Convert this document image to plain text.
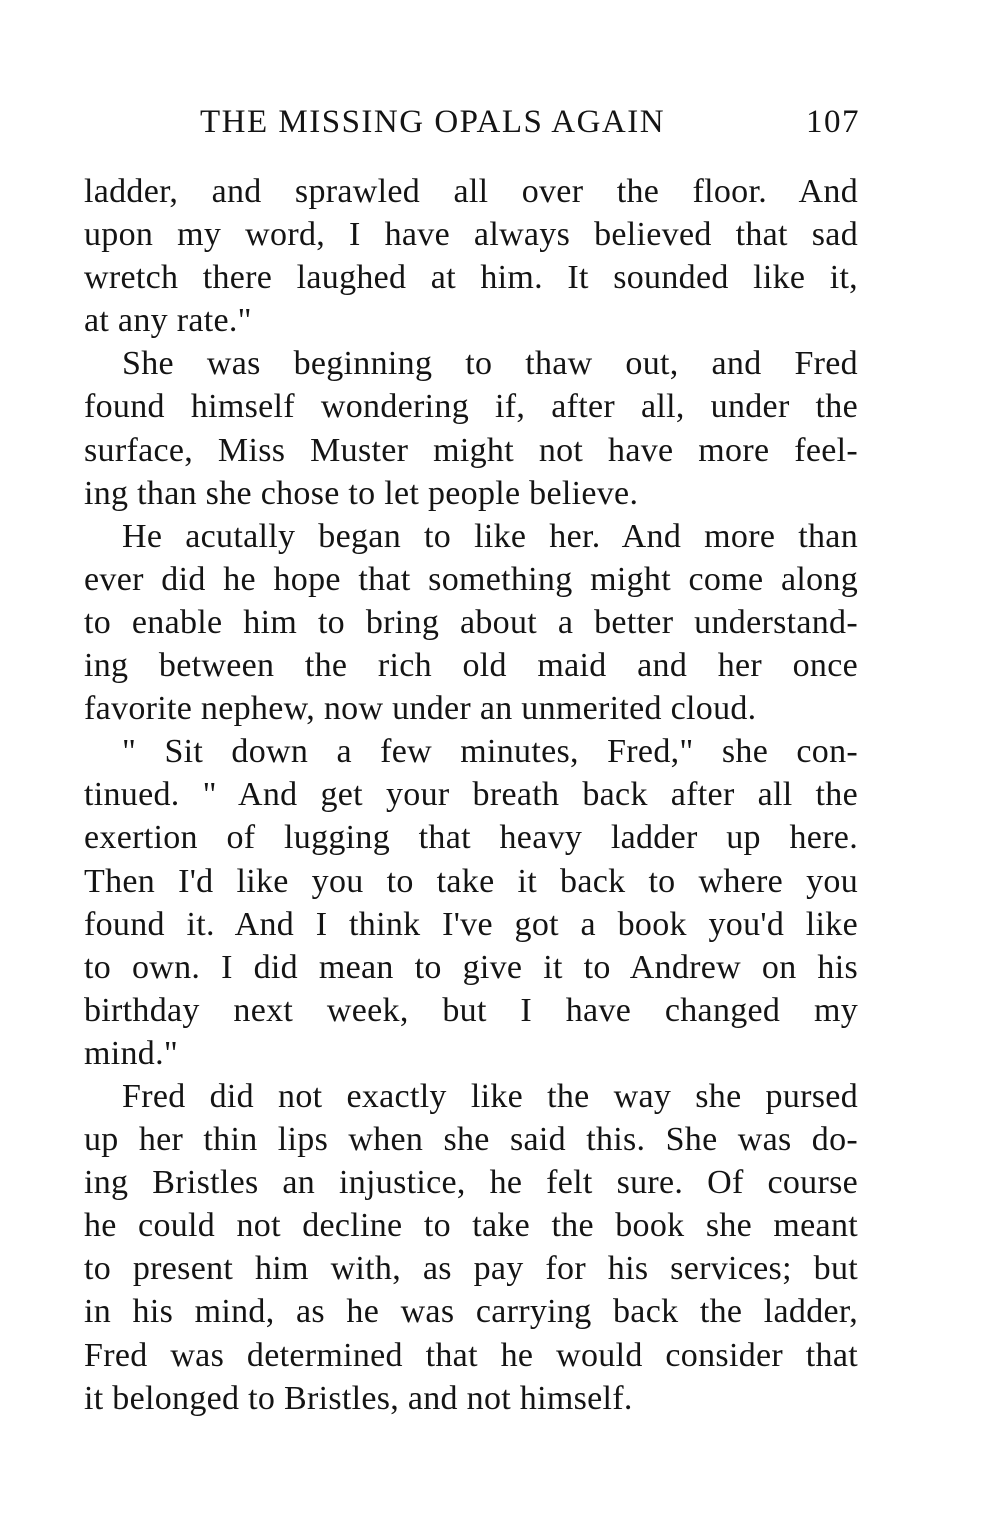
THE MISSING OPALS AGAIN	107
ladder, and sprawled all over the floor. And
upon my word, I have always believed that sad
wretch there laughed at him. It sounded like it,
at any rate."
She was beginning to thaw out, and Fred
found himself wondering if, after all, under the
surface, Miss Muster might not have more feel-
ing than she chose to let people believe.
He acutally began to like her. And more than
ever did he hope that something might come along
to enable him to bring about a better understand-
ing between the rich old maid and her once
favorite nephew, now under an unmerited cloud.
" Sit down a few minutes, Fred," she con-
tinued. " And get your breath back after all the
exertion of lugging that heavy ladder up here.
Then I'd like you to take it back to where you
found it. And I think I've got a book you'd like
to own. I did mean to give it to Andrew on his
birthday next week, but I have changed my
mind."
Fred did not exactly like the way she pursed
up her thin lips when she said this. She was do-
ing Bristles an injustice, he felt sure. Of course
he could not decline to take the book she meant
to present him with, as pay for his services; but
in his mind, as he was carrying back the ladder,
Fred was determined that he would consider that
it belonged to Bristles, and not himself.
